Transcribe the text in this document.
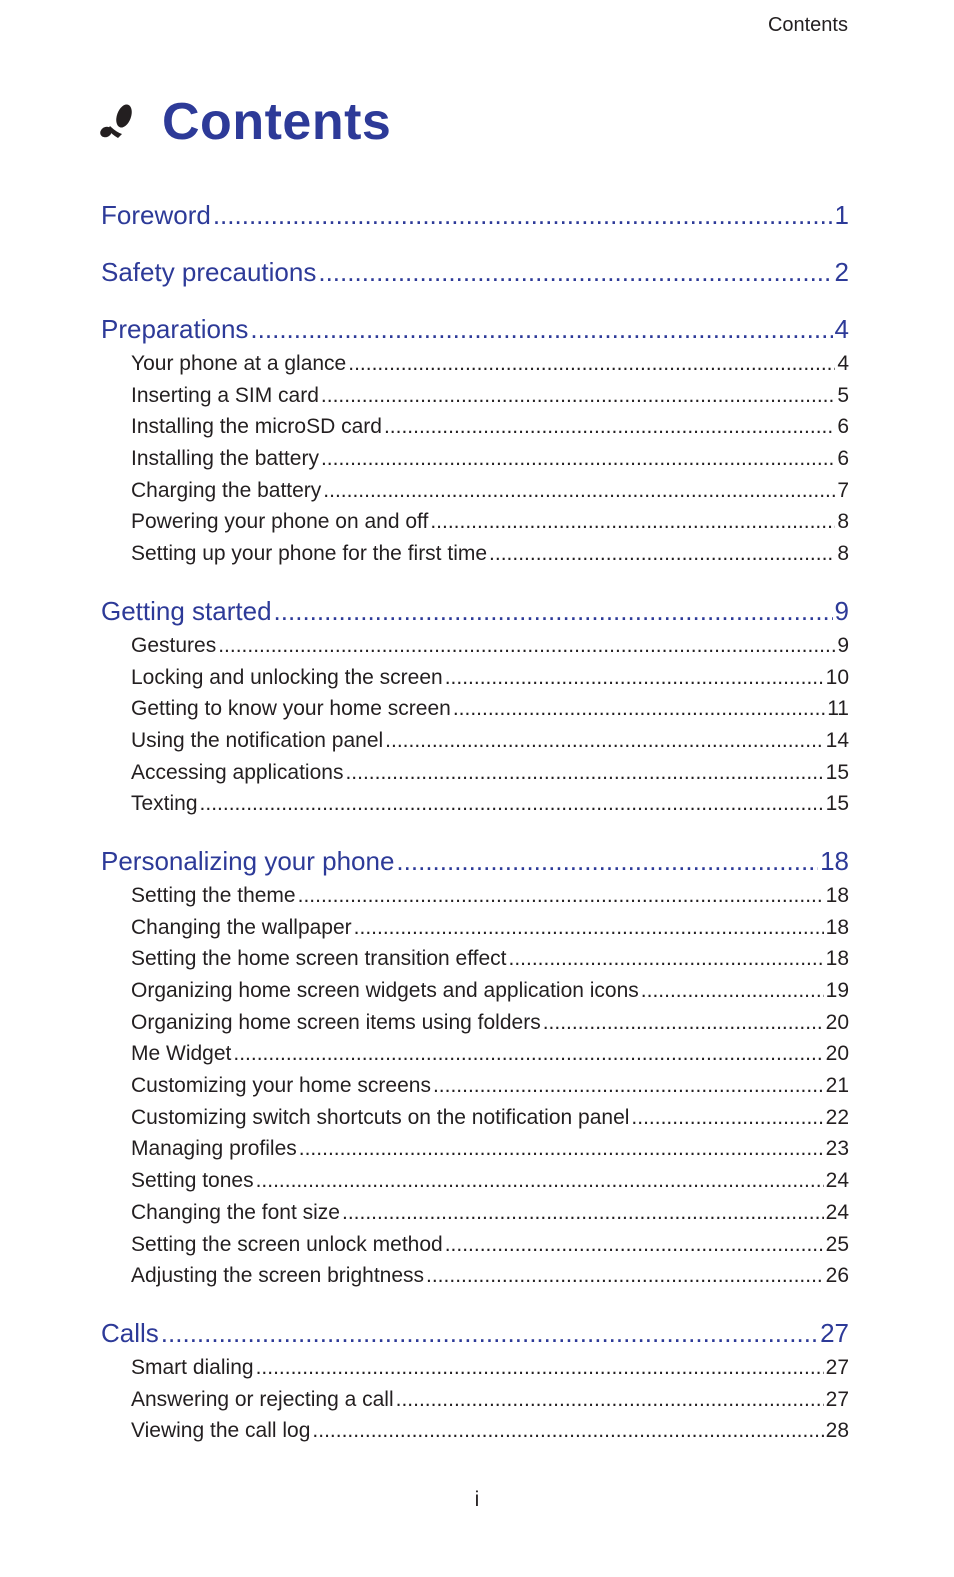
Contents
Contents
Foreword .....	1
Safety precautions .....	2
Preparations .....	4
Your phone at a glance .....	4
Inserting a SIM card .....	5
Installing the microSD card .....	6
Installing the battery .....	6
Charging the battery .....	7
Powering your phone on and off .....	8
Setting up your phone for the first time .....	8
Getting started .....	9
Gestures .....	9
Locking and unlocking the screen .....	10
Getting to know your home screen .....	11
Using the notification panel .....	14
Accessing applications .....	15
Texting .....	15
Personalizing your phone .....	18
Setting the theme .....	18
Changing the wallpaper .....	18
Setting the home screen transition effect .....	18
Organizing home screen widgets and application icons .....	19
Organizing home screen items using folders .....	20
Me Widget .....	20
Customizing your home screens .....	21
Customizing switch shortcuts on the notification panel .....	22
Managing profiles .....	23
Setting tones .....	24
Changing the font size .....	24
Setting the screen unlock method .....	25
Adjusting the screen brightness .....	26
Calls .....	27
Smart dialing .....	27
Answering or rejecting a call .....	27
Viewing the call log .....	28
i
